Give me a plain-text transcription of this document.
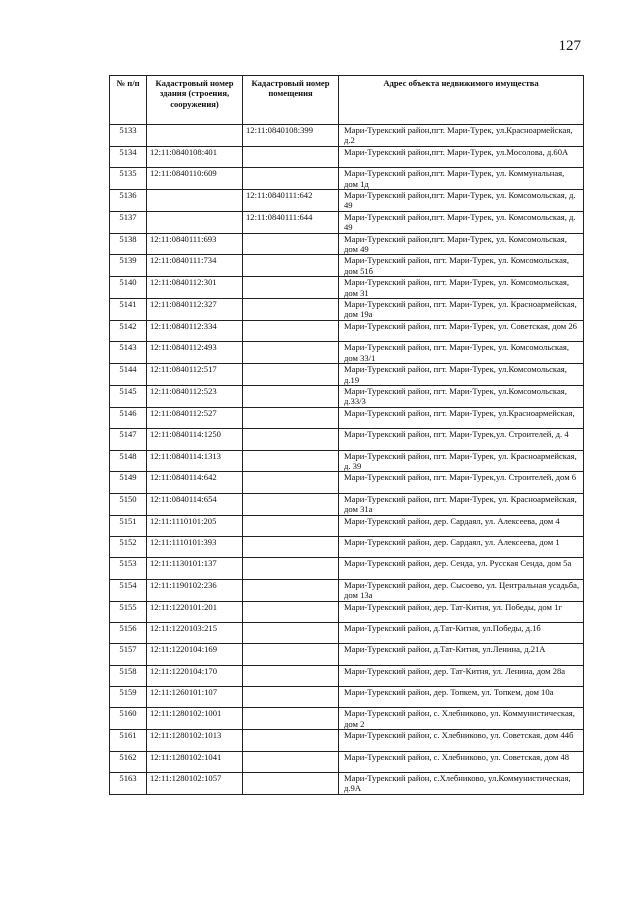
127
№ п/п	Кадастровый номер здания (строения, сооружения)	Кадастровый номер помещения	Адрес объекта недвижимого имущества
5133		12:11:0840108:399	Мари-Турекский район,пгт. Мари-Турек, ул.Красноармейская, д.2
5134	12:11:0840108:401		Мари-Турекский район,пгт. Мари-Турек, ул.Мосолова, д.60А
5135	12:11:0840110:609		Мари-Турекский район,пгт. Мари-Турек, ул. Коммунальная, дом 1д
5136		12:11:0840111:642	Мари-Турекский район,пгт. Мари-Турек, ул. Комсомольская, д. 49
5137		12:11:0840111:644	Мари-Турекский район,пгт. Мари-Турек, ул. Комсомольская, д. 49
5138	12:11:0840111:693		Мари-Турекский район,пгт. Мари-Турек, ул. Комсомольская, дом 49
5139	12:11:0840111:734		Мари-Турекский район, пгт. Мари-Турек, ул. Комсомольская, дом 51б
5140	12:11:0840112:301		Мари-Турекский район, пгт. Мари-Турек, ул. Комсомольская, дом 31
5141	12:11:0840112:327		Мари-Турекский район, пгт. Мари-Турек, ул. Красноармейская, дом 19а
5142	12:11:0840112:334		Мари-Турекский район, пгт. Мари-Турек, ул. Советская, дом 26
5143	12:11:0840112:493		Мари-Турекский район, пгт. Мари-Турек, ул. Комсомольская, дом 33/1
5144	12:11:0840112:517		Мари-Турекский район, пгт. Мари-Турек, ул.Комсомольская, д.19
5145	12:11:0840112:523		Мари-Турекский район, пгт. Мари-Турек, ул.Комсомольская, д.33/3
5146	12:11:0840112:527		Мари-Турекский район, пгт. Мари-Турек, ул.Красноармейская,
5147	12:11:0840114:1250		Мари-Турекский район, пгт. Мари-Турек,ул. Строителей, д. 4
5148	12:11:0840114:1313		Мари-Турекский район, пгт. Мари-Турек, ул. Красноармейская, д. 39
5149	12:11:0840114:642		Мари-Турекский район, пгт. Мари-Турек,ул. Строителей, дом 6
5150	12:11:0840114:654		Мари-Турекский район, пгт. Мари-Турек, ул. Красноармейская, дом 31а
5151	12:11:1110101:205		Мари-Турекский район, дер. Сардаял, ул. Алексеева, дом 4
5152	12:11:1110101:393		Мари-Турекский район, дер. Сардаял, ул. Алексеева, дом 1
5153	12:11:1130101:137		Мари-Турекский район, дер. Сенда, ул. Русская Сенда, дом 5а
5154	12:11:1190102:236		Мари-Турекский район, дер. Сысоево, ул. Центральная усадьба, дом 13а
5155	12:11:1220101:201		Мари-Турекский район, дер. Тат-Китня, ул. Победы, дом 1г
5156	12:11:1220103:215		Мари-Турекский район, д.Тат-Китня, ул.Победы, д.1б
5157	12:11:1220104:169		Мари-Турекский район, д.Тат-Китня, ул.Ленина, д.21А
5158	12:11:1220104:170		Мари-Турекский район, дер. Тат-Китня, ул. Ленина, дом 28а
5159	12:11:1260101:107		Мари-Турекский район, дер. Топкем, ул. Топкем, дом 10а
5160	12:11:1280102:1001		Мари-Турекский район, с. Хлебниково, ул. Коммунистическая, дом 2
5161	12:11:1280102:1013		Мари-Турекский район, с. Хлебниково, ул. Советская, дом 44б
5162	12:11:1280102:1041		Мари-Турекский район, с. Хлебниково, ул. Советская, дом 48
5163	12:11:1280102:1057		Мари-Турекский район, с.Хлебниково, ул.Коммунистическая, д.9А
